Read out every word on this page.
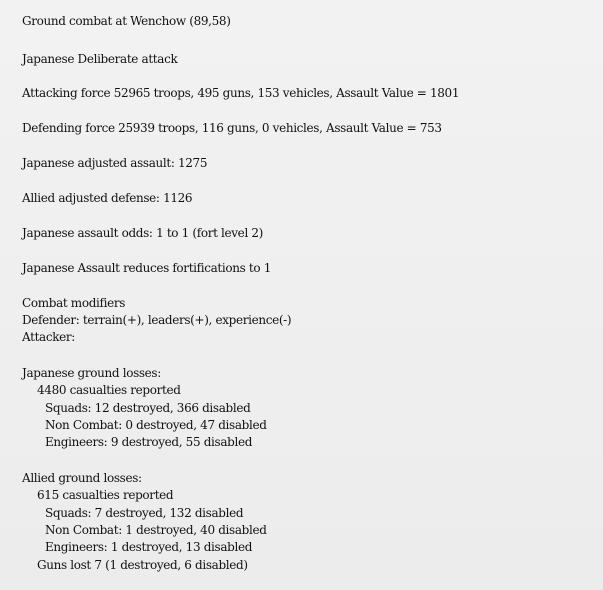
Ground combat at Wenchow (89,58)
Japanese Deliberate attack
Attacking force 52965 troops, 495 guns, 153 vehicles, Assault Value = 1801
Defending force 25939 troops, 116 guns, 0 vehicles, Assault Value = 753
Japanese adjusted assault: 1275
Allied adjusted defense: 1126
Japanese assault odds: 1 to 1 (fort level 2)
Japanese Assault reduces fortifications to 1
Combat modifiers
Defender: terrain(+), leaders(+), experience(-)
Attacker:
Japanese ground losses:
4480 casualties reported
Squads: 12 destroyed, 366 disabled
Non Combat: 0 destroyed, 47 disabled
Engineers: 9 destroyed, 55 disabled
Allied ground losses:
615 casualties reported
Squads: 7 destroyed, 132 disabled
Non Combat: 1 destroyed, 40 disabled
Engineers: 1 destroyed, 13 disabled
Guns lost 7 (1 destroyed, 6 disabled)
